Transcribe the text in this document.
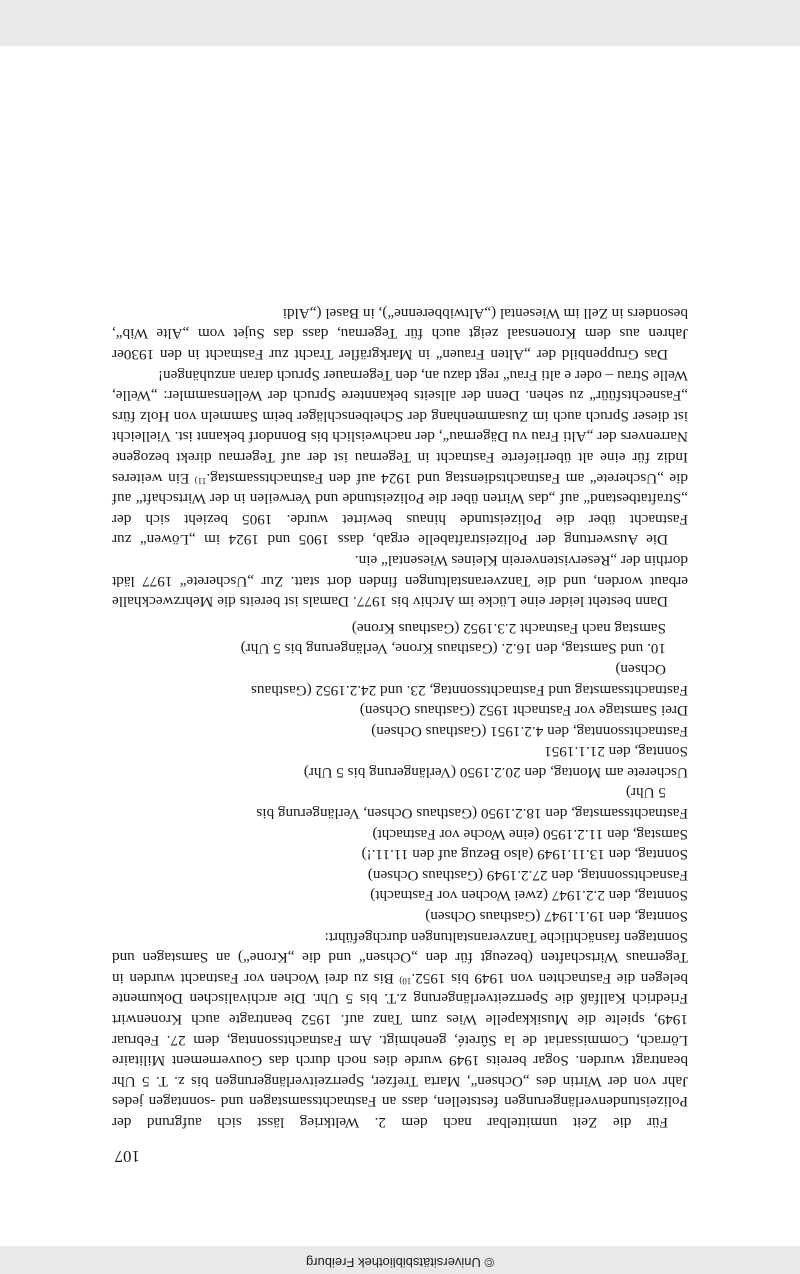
© Universitätsbibliothek Freiburg
107

Für die Zeit unmittelbar nach dem 2. Weltkrieg lässt sich aufgrund der Polizeistundenverlängerungen feststellen, dass an Fastnachtssamstagen und -sonntagen jedes Jahr von der Wirtin des „Ochsen“, Marta Trefzer, Sperrzeitverlängerungen bis z. T. 5 Uhr beantragt wurden. Sogar bereits 1949 wurde dies noch durch das Gouvernement Militaire Lörrach, Commissariat de la Sûreté, genehmigt. Am Fastnachtssonntag, dem 27. Februar 1949, spielte die Musikkapelle Wies zum Tanz auf. 1952 beantragte auch Kronenwirt Friedrich Kallfaß die Sperrzeitverlängerung z.T. bis 5 Uhr. Die archivalischen Dokumente belegen die Fastnachten von 1949 bis 1952.$^{10)}$ Bis zu drei Wochen vor Fastnacht wurden in Tegernaus Wirtschaften (bezeugt für den „Ochsen“ und die „Krone“) an Samstagen und Sonntagen fasnächtliche Tanzveranstaltungen durchgeführt:

Sonntag, den 19.1.1947 (Gasthaus Ochsen)
Sonntag, den 2.2.1947 (zwei Wochen vor Fastnacht)
Fasnachtssonntag, den 27.2.1949 (Gasthaus Ochsen)
Sonntag, den 13.11.1949 (also Bezug auf den 11.11.!)
Samstag, den 11.2.1950 (eine Woche vor Fastnacht)
Fastnachtssamstag, den 18.2.1950 (Gasthaus Ochsen, Verlängerung bis
5 Uhr)
Uscherete am Montag, den 20.2.1950 (Verlängerung bis 5 Uhr)
Sonntag, den 21.1.1951
Fastnachtssonntag, den 4.2.1951 (Gasthaus Ochsen)
Drei Samstage vor Fastnacht 1952 (Gasthaus Ochsen)
Fastnachtssamstag und Fastnachtssonntag, 23. und 24.2.1952 (Gasthaus
Ochsen)
10. und Samstag, den 16.2. (Gasthaus Krone, Verlängerung bis 5 Uhr)
Samstag nach Fastnacht 2.3.1952 (Gasthaus Krone)

Dann besteht leider eine Lücke im Archiv bis 1977. Damals ist bereits die Mehrzweckhalle erbaut worden, und die Tanzveranstaltungen finden dort statt. Zur „Uscherete“ 1977 lädt dorthin der „Reservistenverein Kleines Wiesental“ ein.

Die Auswertung der Polizeistraftabelle ergab, dass 1905 und 1924 im „Löwen“ zur Fastnacht über die Polizeistunde hinaus bewirtet wurde. 1905 bezieht sich der „Straftatbestand“ auf „das Wirten über die Polizeistunde und Verweilen in der Wirtschaft“ auf die „Uscherete“ am Fastnachtsdienstag und 1924 auf den Fastnachtssamstag.$^{11)}$ Ein weiteres Indiz für eine alt überlieferte Fastnacht in Tegernau ist der auf Tegernau direkt bezogene Narrenvers der „Alti Frau vu Dägernau“, der nachweislich bis Bonndorf bekannt ist. Vielleicht ist dieser Spruch auch im Zusammenhang der Scheibenschläger beim Sammeln von Holz fürs „Fasnechtsfüür“ zu sehen. Denn der allseits bekanntere Spruch der Wellensammler: „Welle, Welle Strau – oder e alti Frau“ regt dazu an, den Tegernauer Spruch daran anzuhängen!

Das Gruppenbild der „Alten Frauen“ in Markgräfler Tracht zur Fastnacht in den 1930er Jahren aus dem Kronensaal zeigt auch für Tegernau, dass das Sujet vom „Alte Wib“, besonders in Zell im Wiesental („Altwibberenne“), in Basel („Aldi
